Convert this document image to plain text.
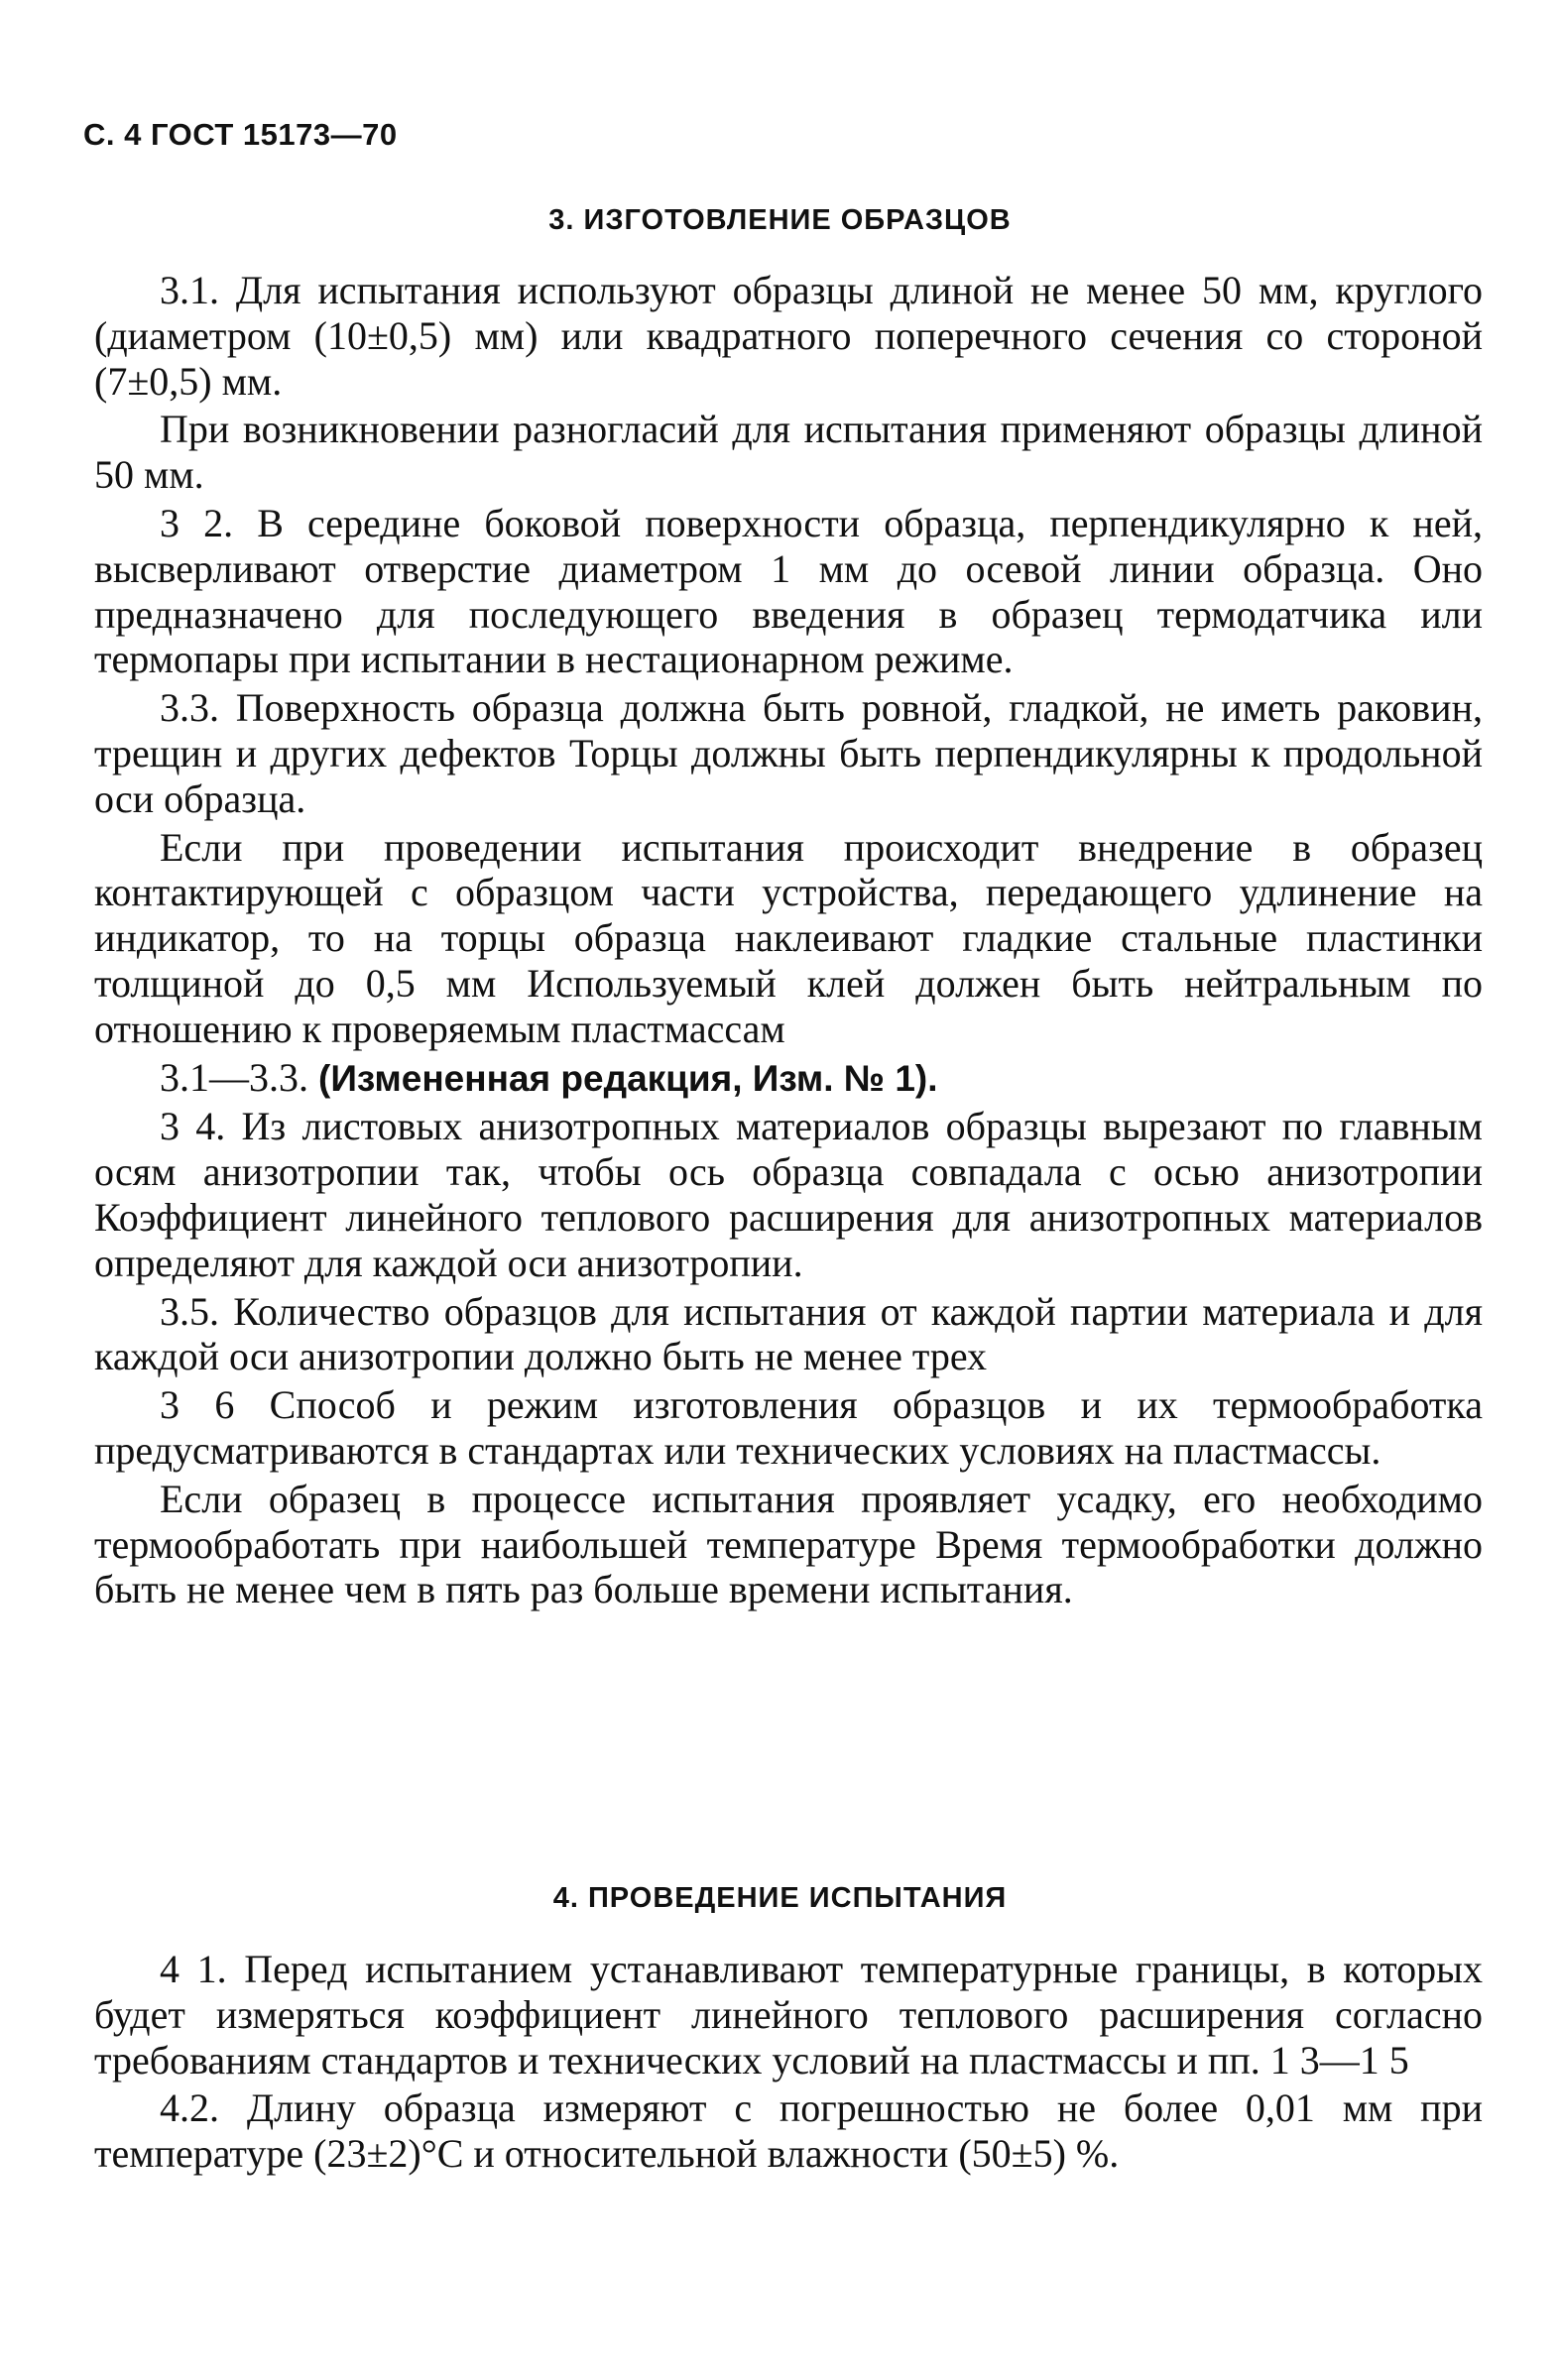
С. 4 ГОСТ 15173—70
3. ИЗГОТОВЛЕНИЕ ОБРАЗЦОВ

3.1. Для испытания используют образцы длиной не менее 50 мм, круглого (диаметром (10±0,5) мм) или квадратного поперечного сечения со стороной (7±0,5) мм.

При возникновении разногласий для испытания применяют образцы длиной 50 мм.

3 2. В середине боковой поверхности образца, перпендикулярно к ней, высверливают отверстие диаметром 1 мм до осевой линии образца. Оно предназначено для последующего введения в образец термодатчика или термопары при испытании в нестационарном режиме.

3.3. Поверхность образца должна быть ровной, гладкой, не иметь раковин, трещин и других дефектов Торцы должны быть перпендикулярны к продольной оси образца.

Если при проведении испытания происходит внедрение в образец контактирующей с образцом части устройства, передающего удлинение на индикатор, то на торцы образца наклеивают гладкие стальные пластинки толщиной до 0,5 мм Используемый клей должен быть нейтральным по отношению к проверяемым пластмассам

3.1—3.3. (Измененная редакция, Изм. № 1).

3 4. Из листовых анизотропных материалов образцы вырезают по главным осям анизотропии так, чтобы ось образца совпадала с осью анизотропии Коэффициент линейного теплового расширения для анизотропных материалов определяют для каждой оси анизотропии.

3.5. Количество образцов для испытания от каждой партии материала и для каждой оси анизотропии должно быть не менее трех

3 6 Способ и режим изготовления образцов и их термообработка предусматриваются в стандартах или технических условиях на пластмассы.

Если образец в процессе испытания проявляет усадку, его необходимо термообработать при наибольшей температуре Время термообработки должно быть не менее чем в пять раз больше времени испытания.

4. ПРОВЕДЕНИЕ ИСПЫТАНИЯ

4 1. Перед испытанием устанавливают температурные границы, в которых будет измеряться коэффициент линейного теплового расширения согласно требованиям стандартов и технических условий на пластмассы и пп. 1 3—1 5

4.2. Длину образца измеряют с погрешностью не более 0,01 мм при температуре (23±2)°С и относительной влажности (50±5) %.
